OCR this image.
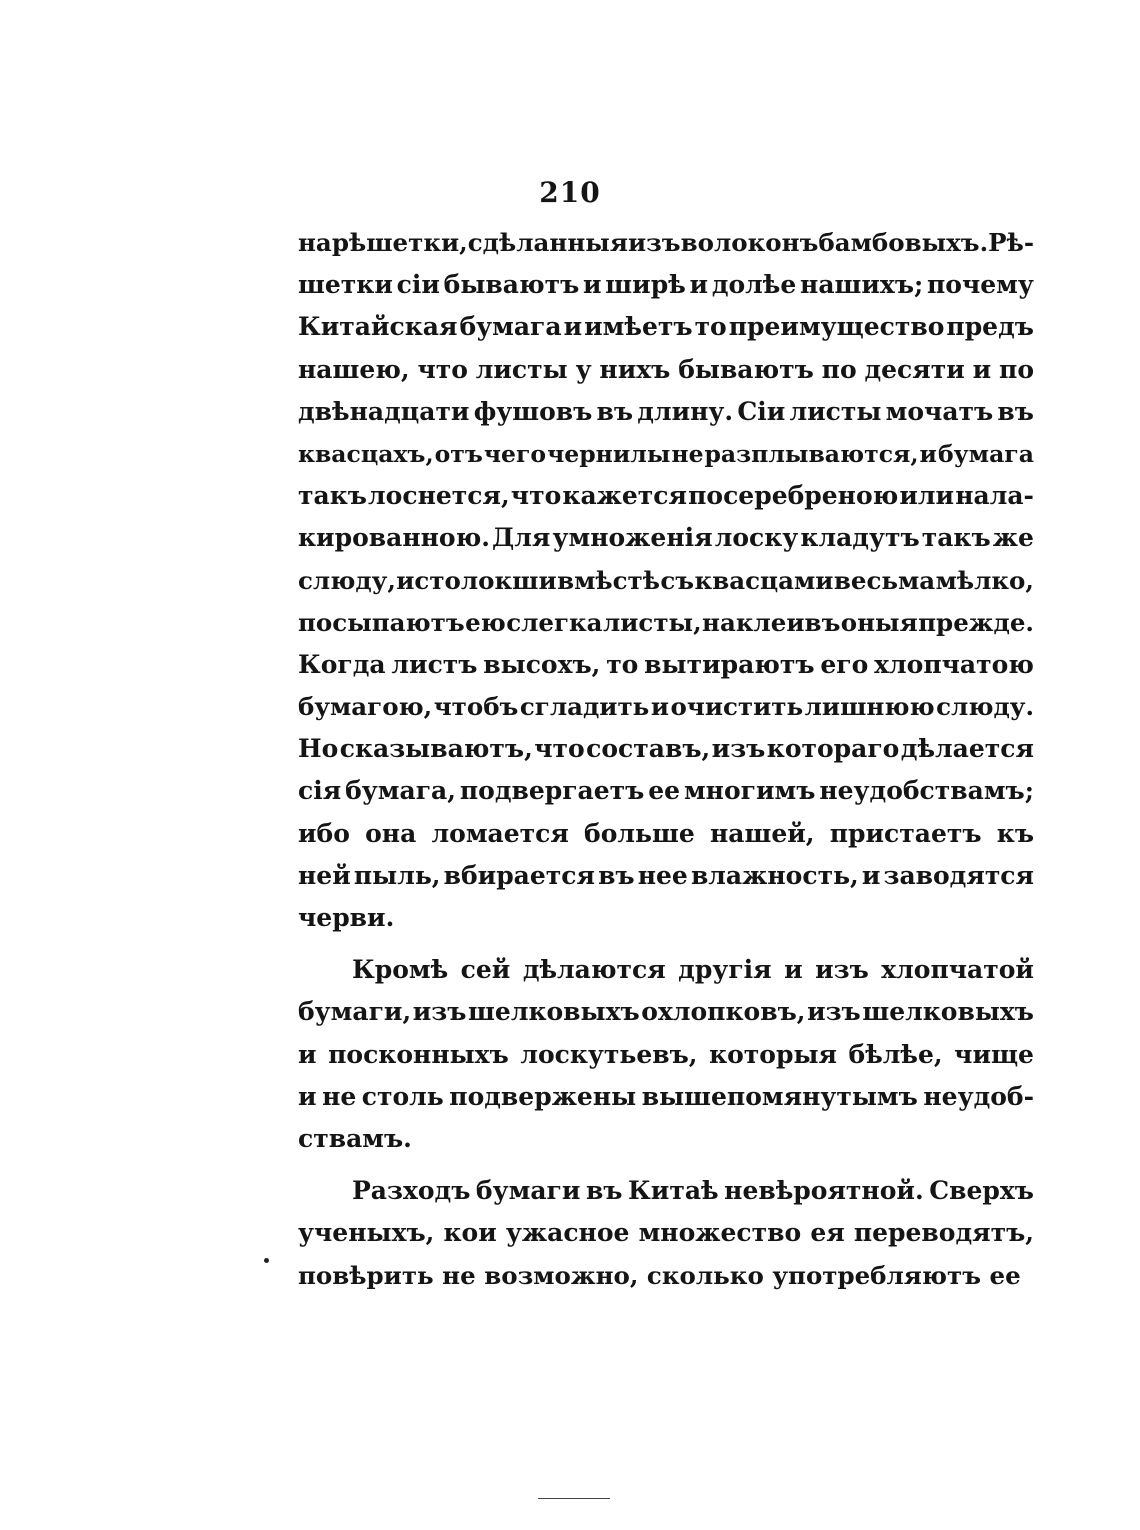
210
на рѣшетки, сдѣланныя изъ волоконъ бамбовыхъ. Рѣ-
шетки сіи бываютъ и ширѣ и долѣе нашихъ; почему
Китайская бумага и имѣетъ то преимущество предъ
нашею, что листы у нихъ бываютъ по десяти и по
двѣнадцати фушовъ въ длину. Сіи листы мочатъ въ
квасцахъ, отъ чего чернилы не разплываются, и бумага
такъ лоснется, что кажется посеребреною или нала-
кированною. Для умноженія лоску кладутъ такъ же
слюду, истолокши вмѣстѣ съ квасцами весьма мѣлко,
посыпаютъ ею слегка листы, наклеивъ оныя прежде.
Когда листъ высохъ, то вытираютъ его хлопчатою
бумагою, чтобъ сгладить и очистить лишнюю слюду.
Но сказываютъ, что составъ, изъ котораго дѣлается
сія бумага, подвергаетъ ее многимъ неудобствамъ;
ибо она ломается больше нашей, пристаетъ къ
ней пыль, вбирается въ нее влажность, и заводятся
черви.
Кромѣ сей дѣлаются другія и изъ хлопчатой
бумаги, изъ шелковыхъ охлопковъ, изъ шелковыхъ
и посконныхъ лоскутьевъ, которыя бѣлѣе, чище
и не столь подвержены вышепомянутымъ неудоб-
ствамъ.
Разходъ бумаги въ Китаѣ невѣроятной. Сверхъ
ученыхъ, кои ужасное множество ея переводятъ,
повѣрить не возможно, сколько употребляютъ ее
